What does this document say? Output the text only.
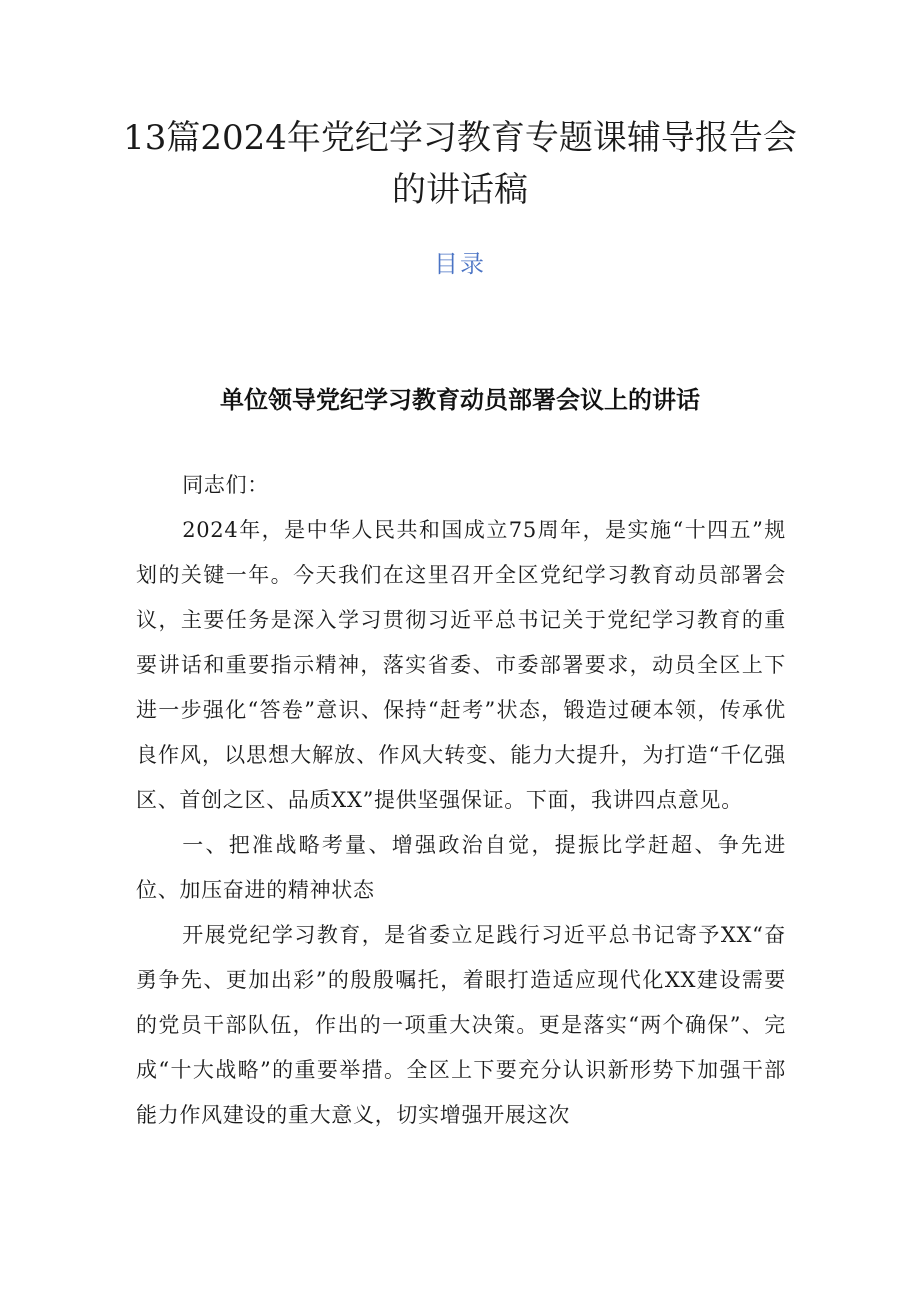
13篇2024年党纪学习教育专题课辅导报告会的讲话稿
目录
单位领导党纪学习教育动员部署会议上的讲话

同志们：

2024年，是中华人民共和国成立75周年，是实施“十四五”规划的关键一年。今天我们在这里召开全区党纪学习教育动员部署会议，主要任务是深入学习贯彻习近平总书记关于党纪学习教育的重要讲话和重要指示精神，落实省委、市委部署要求，动员全区上下进一步强化“答卷”意识、保持“赶考”状态，锻造过硬本领，传承优良作风，以思想大解放、作风大转变、能力大提升，为打造“千亿强区、首创之区、品质XX”提供坚强保证。下面，我讲四点意见。

一、把准战略考量、增强政治自觉，提振比学赶超、争先进位、加压奋进的精神状态

开展党纪学习教育，是省委立足践行习近平总书记寄予XX“奋勇争先、更加出彩”的殷殷嘱托，着眼打造适应现代化XX建设需要的党员干部队伍，作出的一项重大决策。更是落实“两个确保”、完成“十大战略”的重要举措。全区上下要充分认识新形势下加强干部能力作风建设的重大意义，切实增强开展这次
